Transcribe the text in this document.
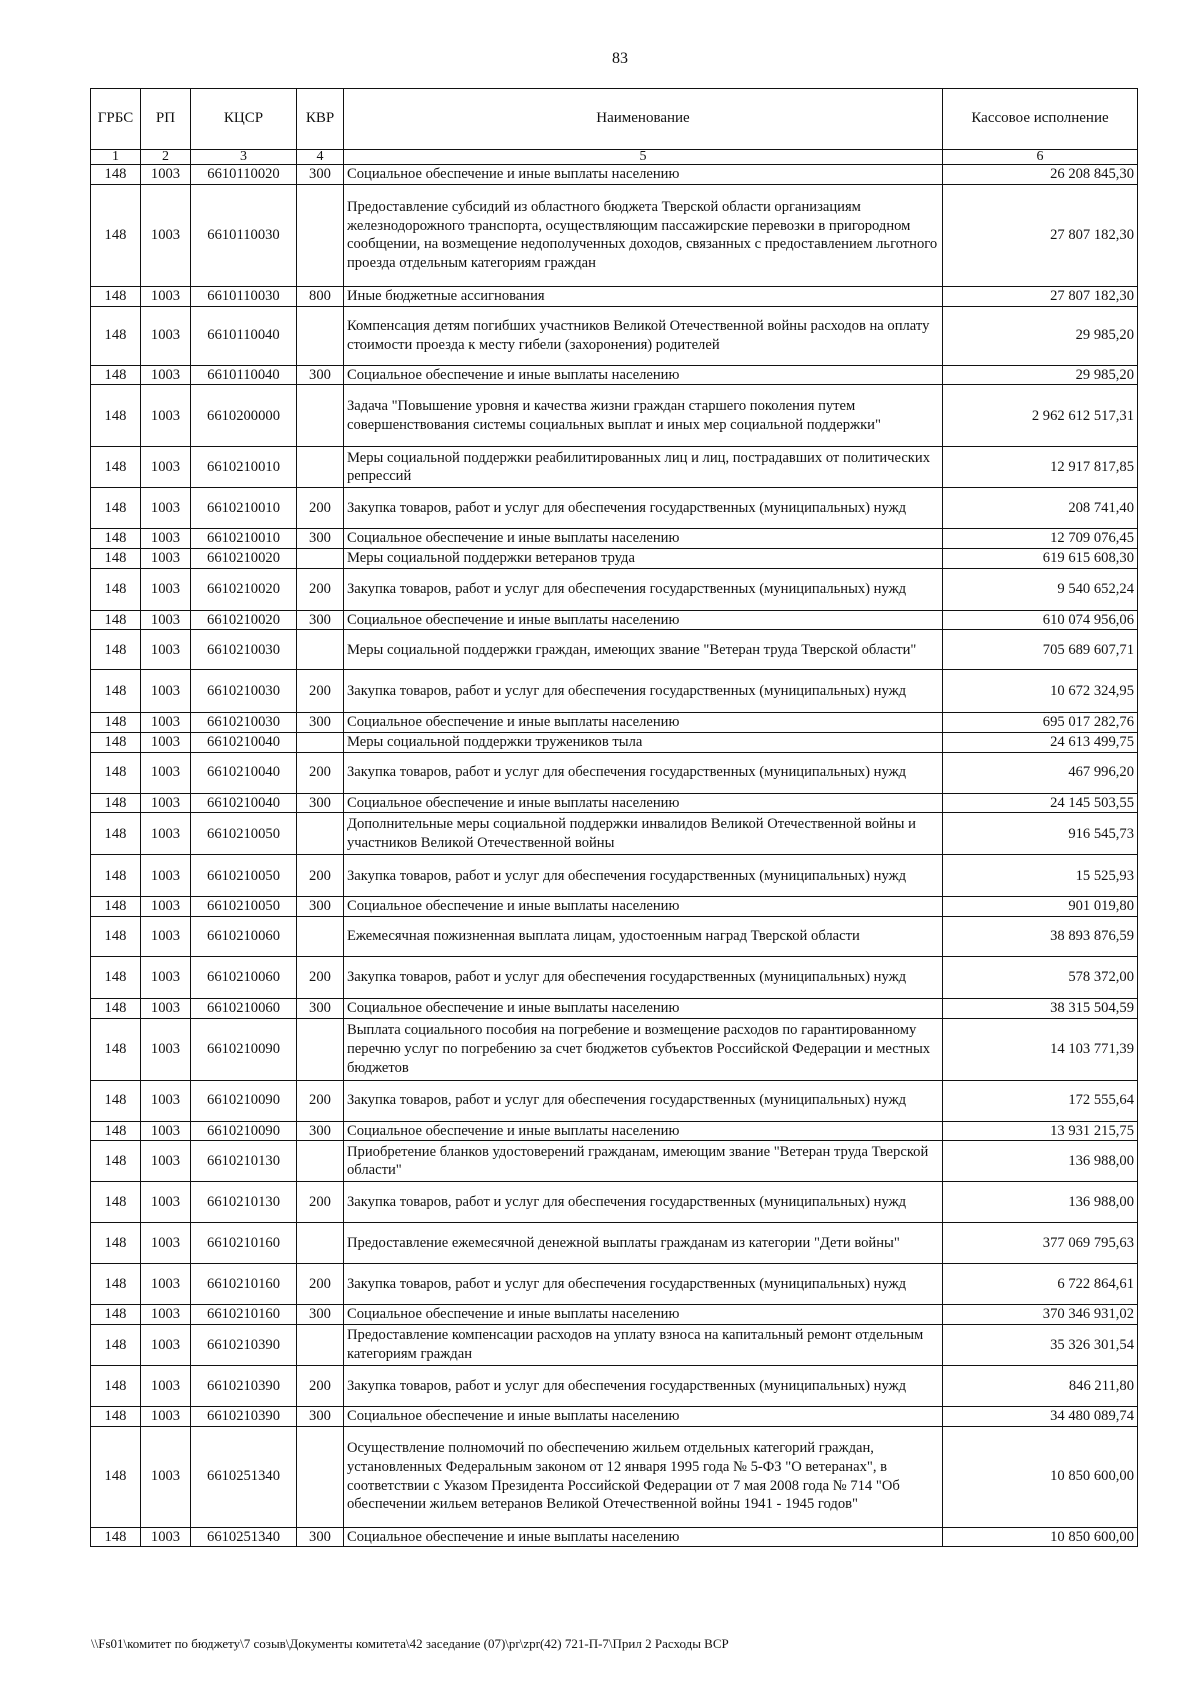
83
ГРБС	РП	КЦСР	КВР	Наименование	Кассовое исполнение
1	2	3	4	5	6
148	1003	6610110020	300	Социальное обеспечение и иные выплаты населению	26 208 845,30
148	1003	6610110030		Предоставление субсидий из областного бюджета Тверской области организациям железнодорожного транспорта, осуществляющим пассажирские перевозки в пригородном сообщении, на возмещение недополученных доходов, связанных с предоставлением льготного проезда отдельным категориям граждан	27 807 182,30
148	1003	6610110030	800	Иные бюджетные ассигнования	27 807 182,30
148	1003	6610110040		Компенсация детям погибших участников Великой Отечественной войны расходов на оплату стоимости проезда к месту гибели (захоронения) родителей	29 985,20
148	1003	6610110040	300	Социальное обеспечение и иные выплаты населению	29 985,20
148	1003	6610200000		Задача "Повышение уровня и качества жизни граждан старшего поколения путем совершенствования системы социальных выплат и иных мер социальной поддержки"	2 962 612 517,31
148	1003	6610210010		Меры социальной поддержки реабилитированных лиц и лиц, пострадавших от политических репрессий	12 917 817,85
148	1003	6610210010	200	Закупка товаров, работ и услуг для обеспечения государственных (муниципальных) нужд	208 741,40
148	1003	6610210010	300	Социальное обеспечение и иные выплаты населению	12 709 076,45
148	1003	6610210020		Меры социальной поддержки ветеранов труда	619 615 608,30
148	1003	6610210020	200	Закупка товаров, работ и услуг для обеспечения государственных (муниципальных) нужд	9 540 652,24
148	1003	6610210020	300	Социальное обеспечение и иные выплаты населению	610 074 956,06
148	1003	6610210030		Меры социальной поддержки граждан, имеющих звание "Ветеран труда Тверской области"	705 689 607,71
148	1003	6610210030	200	Закупка товаров, работ и услуг для обеспечения государственных (муниципальных) нужд	10 672 324,95
148	1003	6610210030	300	Социальное обеспечение и иные выплаты населению	695 017 282,76
148	1003	6610210040		Меры социальной поддержки тружеников тыла	24 613 499,75
148	1003	6610210040	200	Закупка товаров, работ и услуг для обеспечения государственных (муниципальных) нужд	467 996,20
148	1003	6610210040	300	Социальное обеспечение и иные выплаты населению	24 145 503,55
148	1003	6610210050		Дополнительные меры социальной поддержки инвалидов Великой Отечественной войны и участников Великой Отечественной войны	916 545,73
148	1003	6610210050	200	Закупка товаров, работ и услуг для обеспечения государственных (муниципальных) нужд	15 525,93
148	1003	6610210050	300	Социальное обеспечение и иные выплаты населению	901 019,80
148	1003	6610210060		Ежемесячная пожизненная выплата лицам, удостоенным наград Тверской области	38 893 876,59
148	1003	6610210060	200	Закупка товаров, работ и услуг для обеспечения государственных (муниципальных) нужд	578 372,00
148	1003	6610210060	300	Социальное обеспечение и иные выплаты населению	38 315 504,59
148	1003	6610210090		Выплата социального пособия на погребение и возмещение расходов по гарантированному перечню услуг по погребению за счет бюджетов субъектов Российской Федерации и местных бюджетов	14 103 771,39
148	1003	6610210090	200	Закупка товаров, работ и услуг для обеспечения государственных (муниципальных) нужд	172 555,64
148	1003	6610210090	300	Социальное обеспечение и иные выплаты населению	13 931 215,75
148	1003	6610210130		Приобретение бланков удостоверений гражданам, имеющим звание "Ветеран труда Тверской области"	136 988,00
148	1003	6610210130	200	Закупка товаров, работ и услуг для обеспечения государственных (муниципальных) нужд	136 988,00
148	1003	6610210160		Предоставление ежемесячной денежной выплаты гражданам из категории "Дети войны"	377 069 795,63
148	1003	6610210160	200	Закупка товаров, работ и услуг для обеспечения государственных (муниципальных) нужд	6 722 864,61
148	1003	6610210160	300	Социальное обеспечение и иные выплаты населению	370 346 931,02
148	1003	6610210390		Предоставление компенсации расходов на уплату взноса на капитальный ремонт отдельным категориям граждан	35 326 301,54
148	1003	6610210390	200	Закупка товаров, работ и услуг для обеспечения государственных (муниципальных) нужд	846 211,80
148	1003	6610210390	300	Социальное обеспечение и иные выплаты населению	34 480 089,74
148	1003	6610251340		Осуществление полномочий по обеспечению жильем отдельных категорий граждан, установленных Федеральным законом от 12 января 1995 года № 5-ФЗ "О ветеранах", в соответствии с Указом Президента Российской Федерации от 7 мая 2008 года № 714 "Об обеспечении жильем ветеранов Великой Отечественной войны 1941 - 1945 годов"	10 850 600,00
148	1003	6610251340	300	Социальное обеспечение и иные выплаты населению	10 850 600,00
\\Fs01\комитет по бюджету\7 созыв\Документы комитета\42 заседание (07)\pr\zpr(42) 721-П-7\Прил 2 Расходы ВСР
